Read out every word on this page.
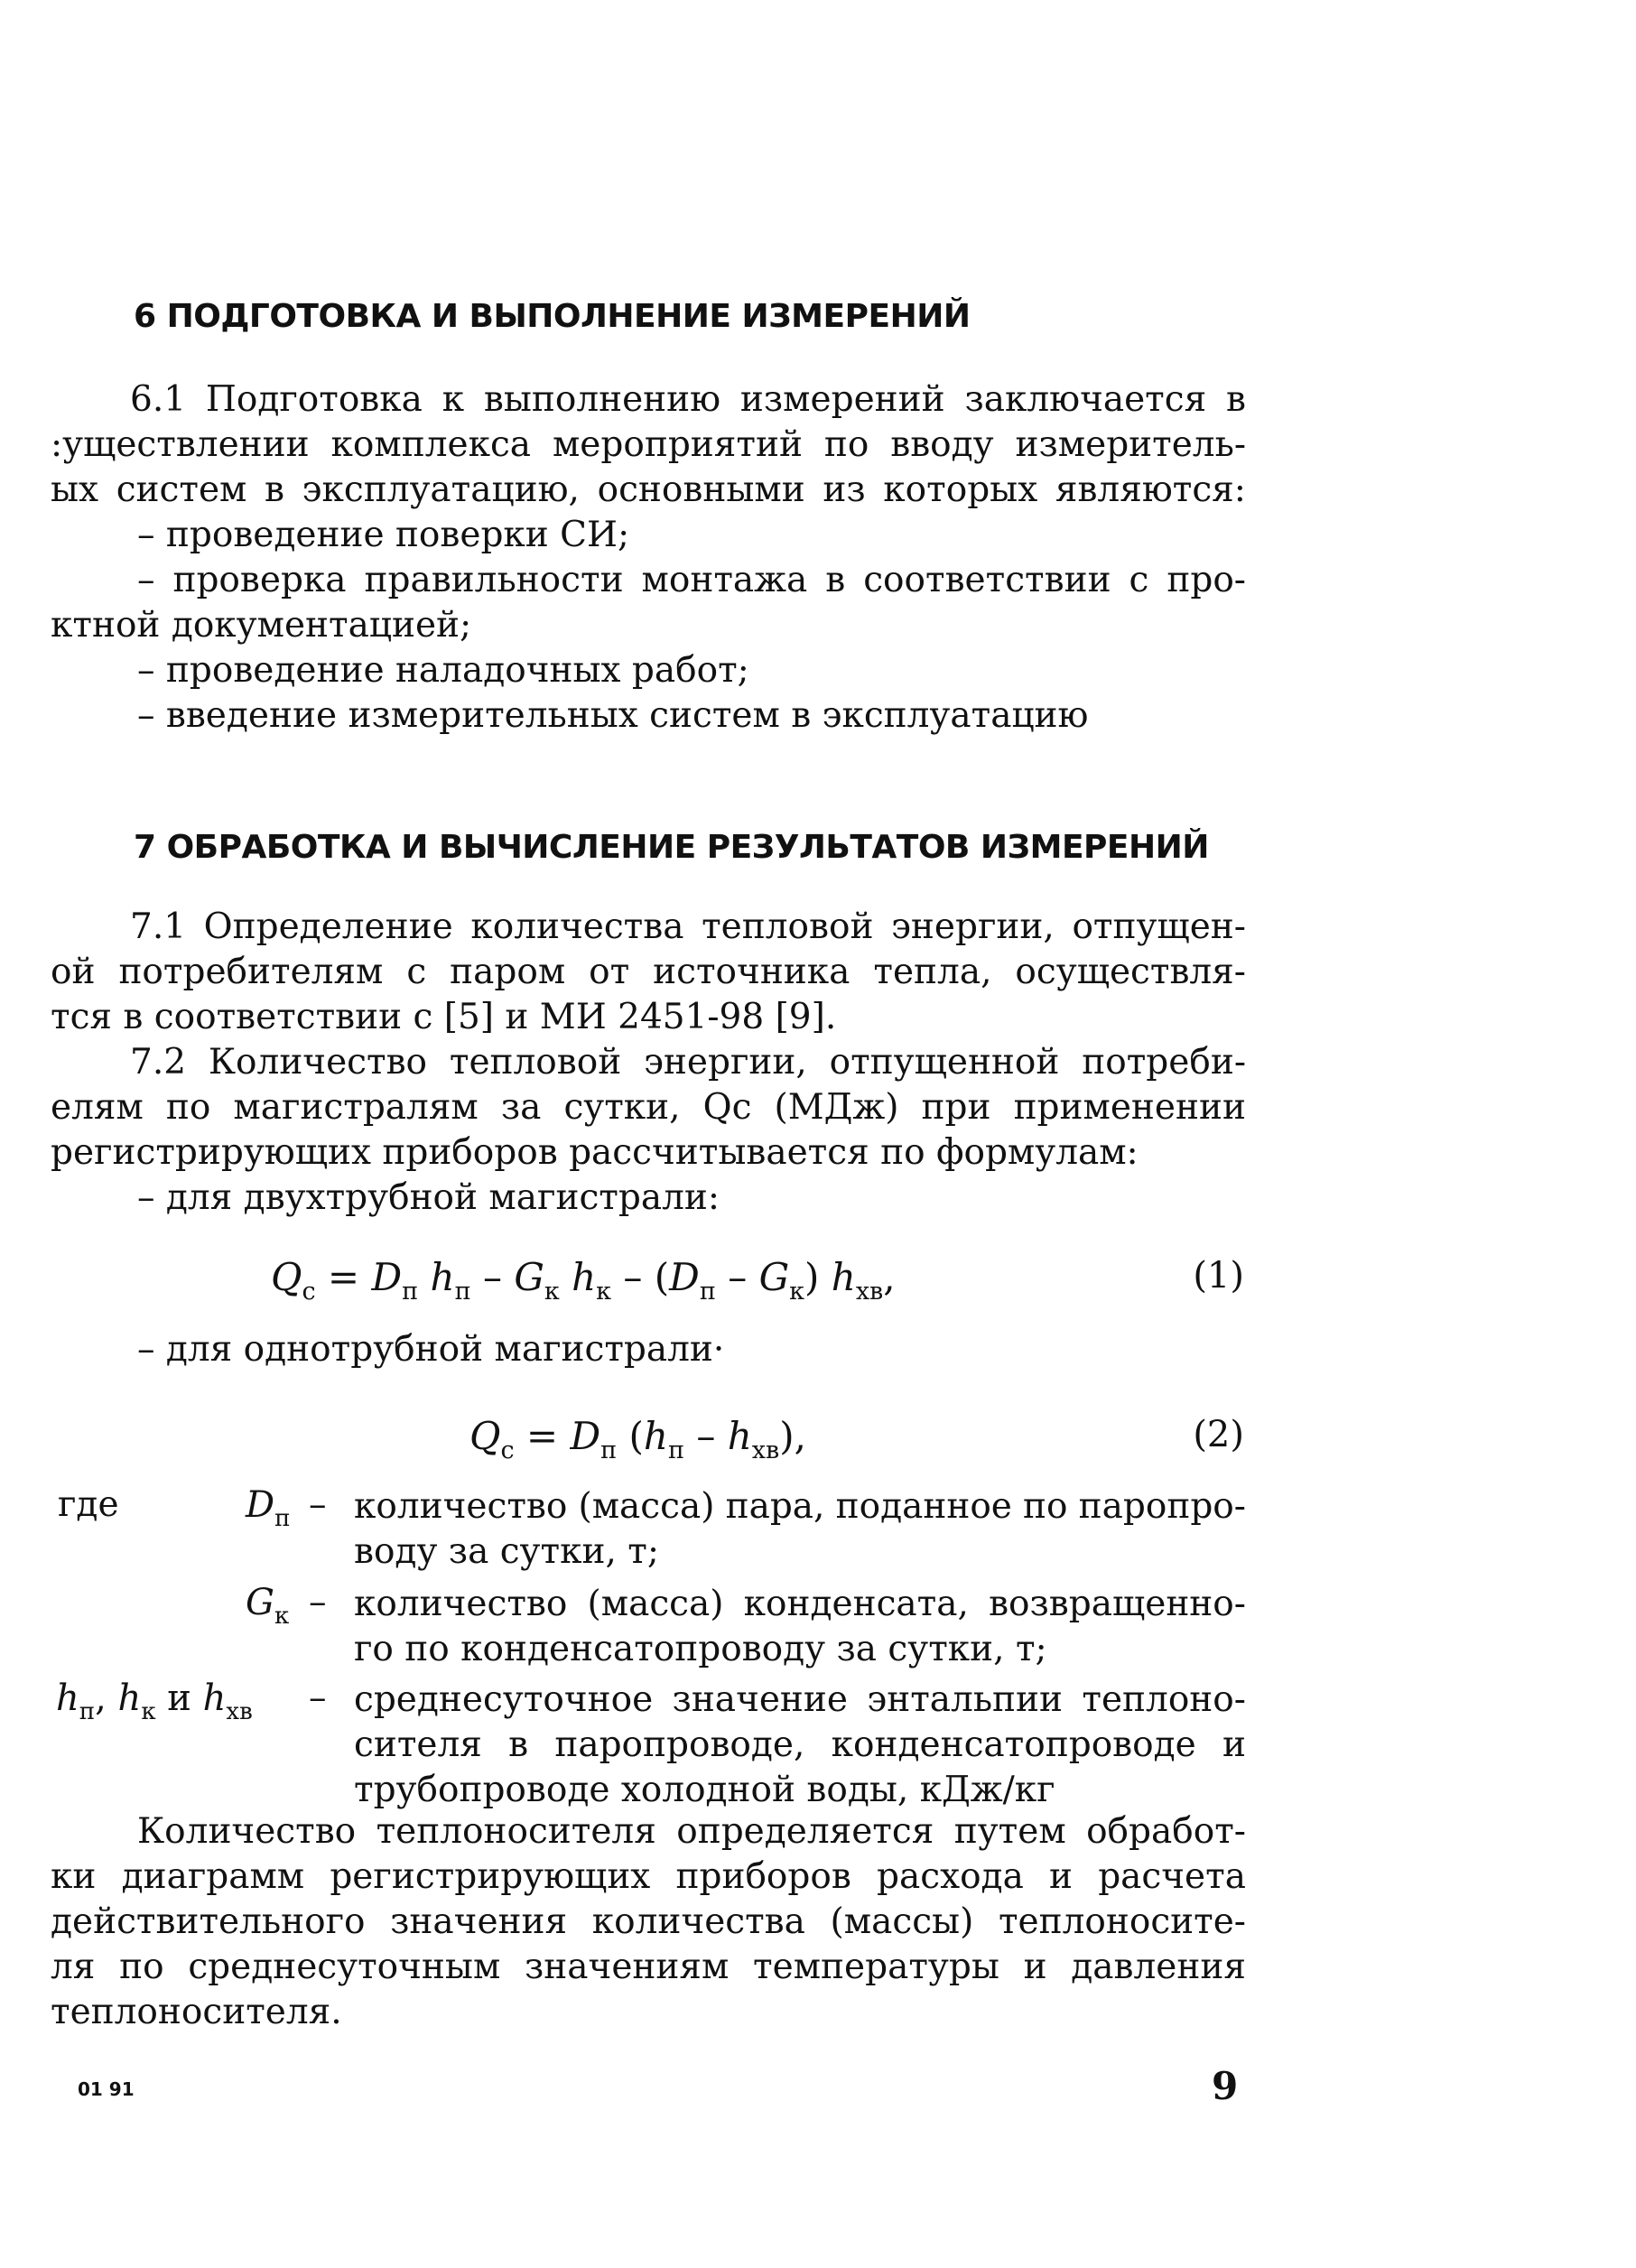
6 ПОДГОТОВКА И ВЫПОЛНЕНИЕ ИЗМЕРЕНИЙ
6.1 Подготовка к выполнению измерений заключается в
:уществлении комплекса мероприятий по вводу измеритель-
ых систем в эксплуатацию, основными из которых являются:
– проведение поверки СИ;
– проверка правильности монтажа в соответствии с про-
ктной документацией;
– проведение наладочных работ;
– введение измерительных систем в эксплуатацию
7 ОБРАБОТКА И ВЫЧИСЛЕНИЕ РЕЗУЛЬТАТОВ ИЗМЕРЕНИЙ
7.1 Определение количества тепловой энергии, отпущен-
ой потребителям с паром от источника тепла, осуществля-
тся в соответствии с [5] и МИ 2451-98 [9].
7.2 Количество тепловой энергии, отпущенной потреби-
елям по магистралям за сутки, Qс (МДж) при применении
регистрирующих приборов рассчитывается по формулам:
– для двухтрубной магистрали:
$Q_с = D_п$ $h_п - G_к$ $h_к - (D_п - G_к)$ $h_{хв}$,	(1)
– для однотрубной магистрали·
$Q_с = D_п$ $(h_п - h_{хв})$,	(2)
где	$D_п$ – количество (масса) пара, поданное по паропро-
воду за сутки, т;
$G_к$ – количество (масса) конденсата, возвращенно-
го по конденсатопроводу за сутки, т;
$h_п$, $h_к$ и $h_{хв}$ – среднесуточное значение энтальпии теплоно-
сителя в паропроводе, конденсатопроводе и
трубопроводе холодной воды, кДж/кг
Количество теплоносителя определяется путем обработ-
ки диаграмм регистрирующих приборов расхода и расчета
действительного значения количества (массы) теплоносите-
ля по среднесуточным значениям температуры и давления
теплоносителя.
01 91	9
